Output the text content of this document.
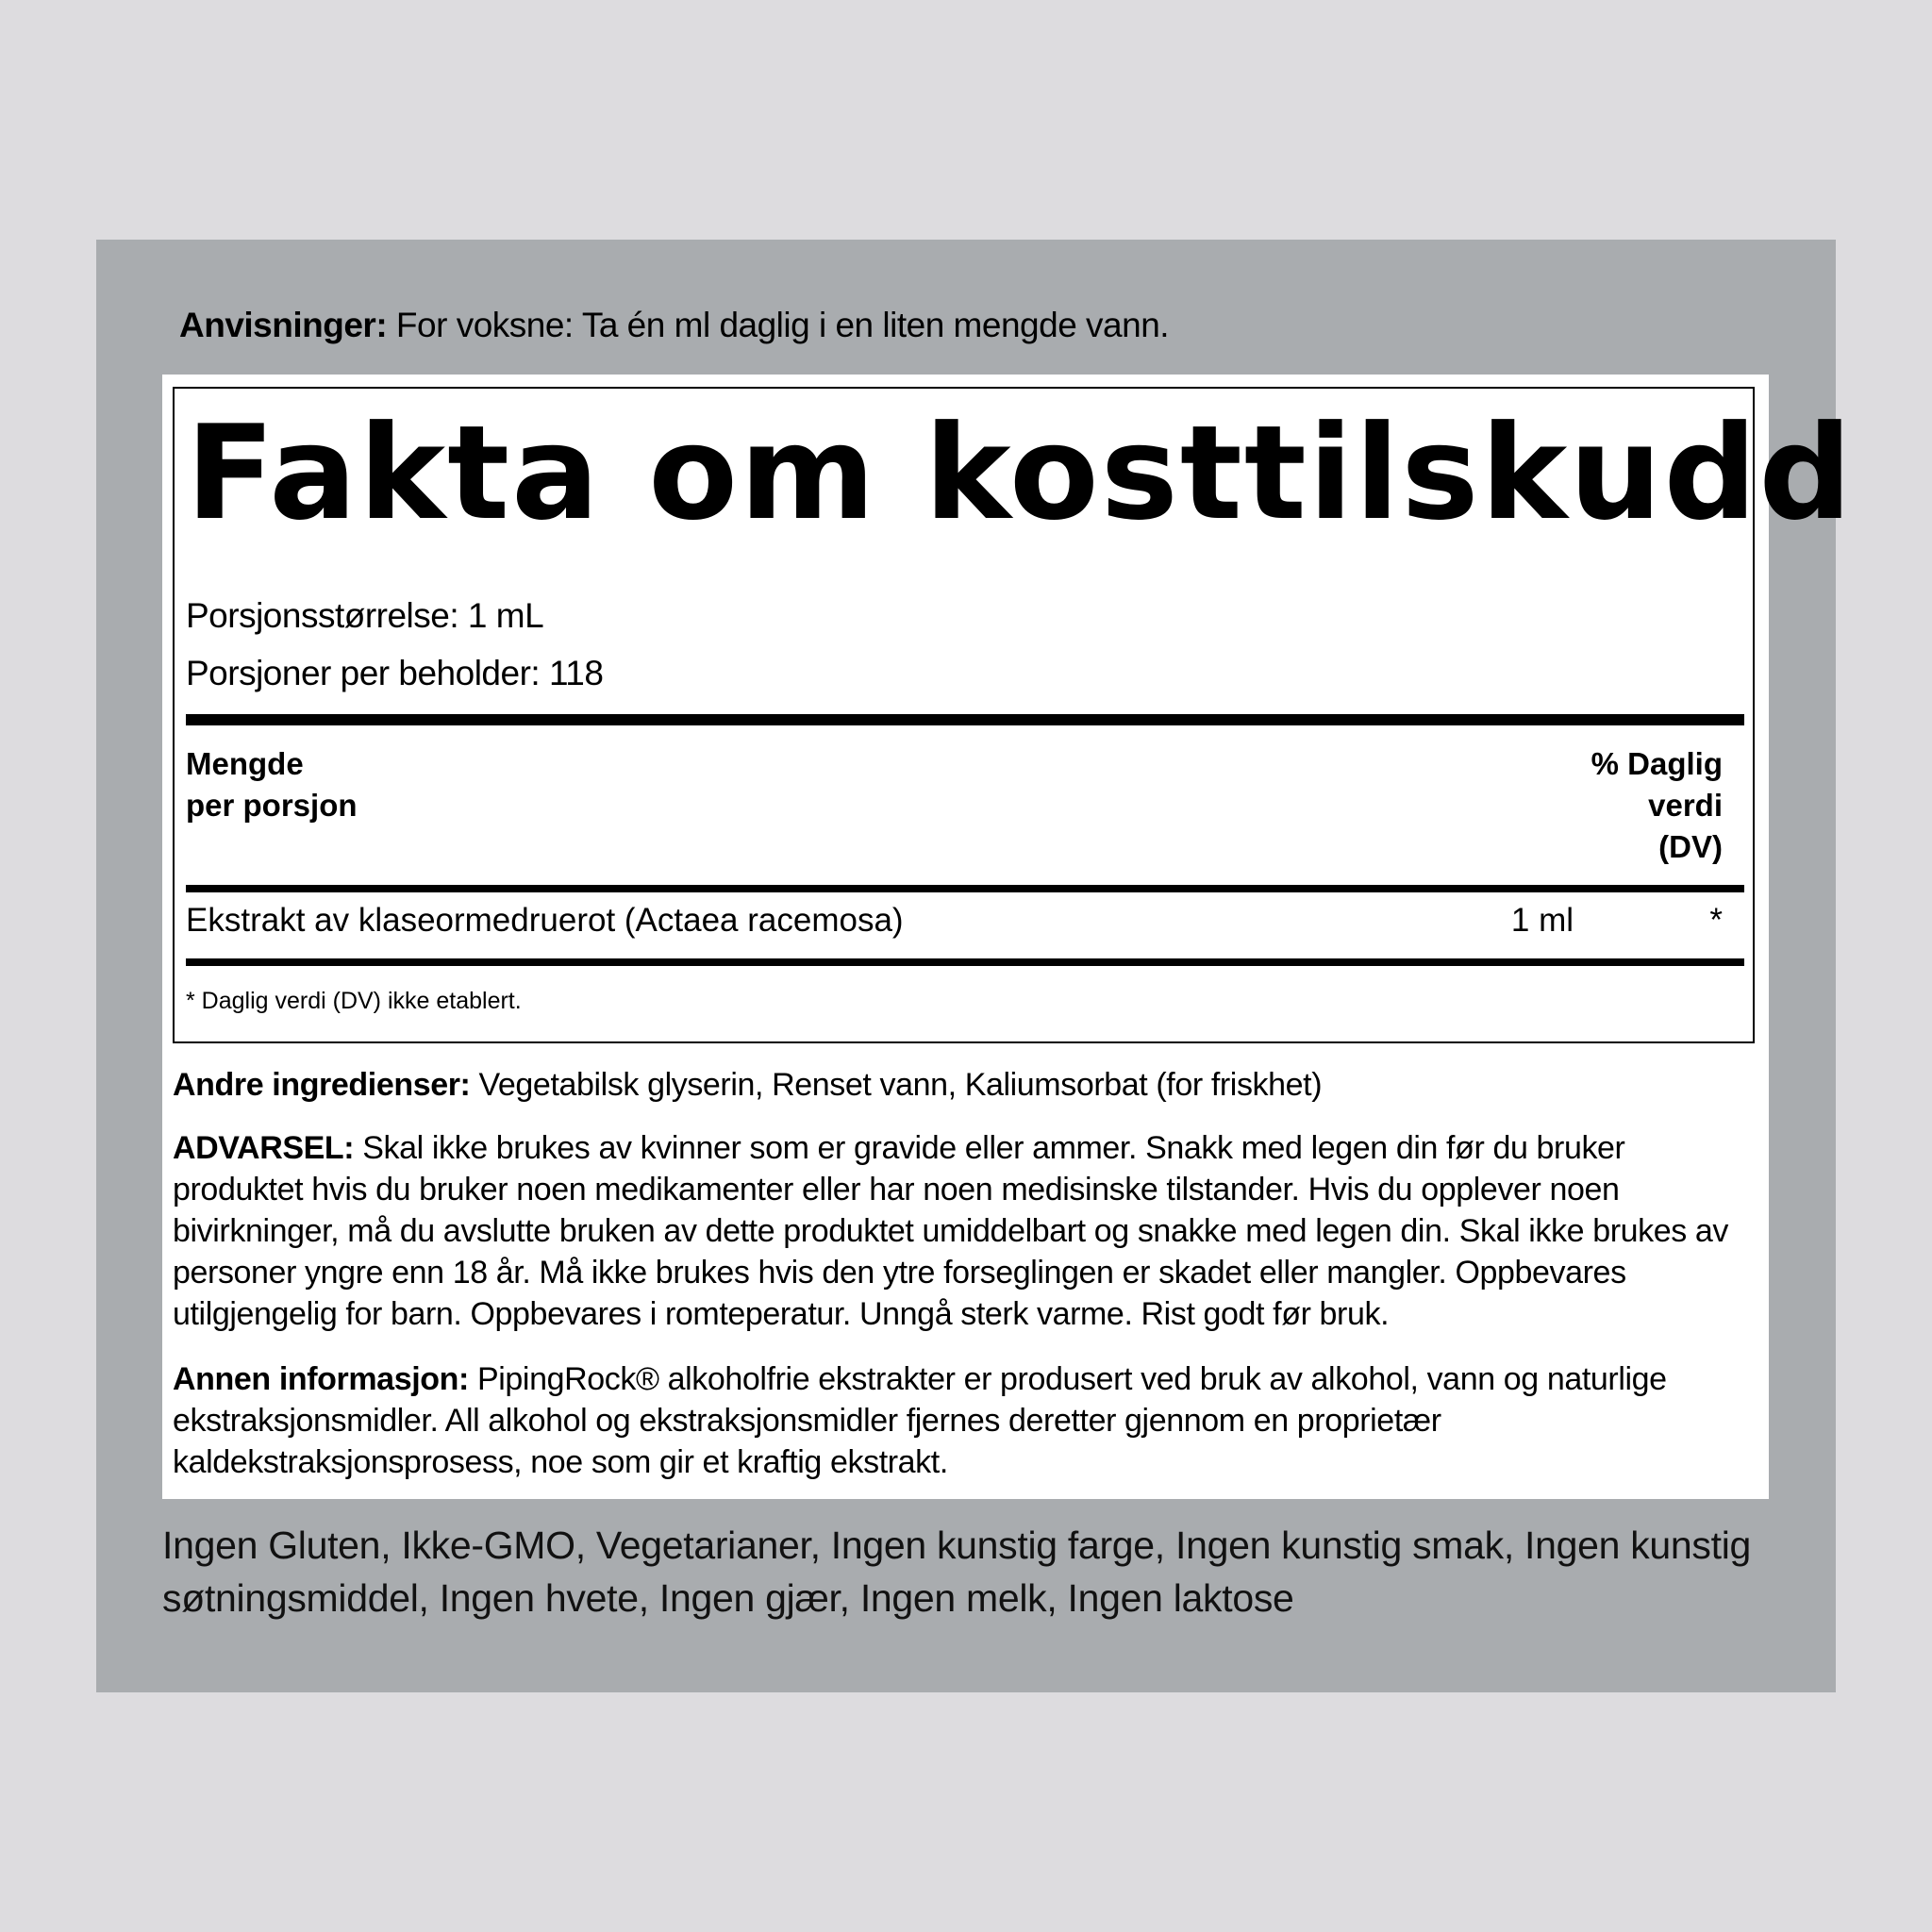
Anvisninger: For voksne: Ta én ml daglig i en liten mengde vann.
Fakta om kosttilskudd
Porsjonsstørrelse: 1 mL
Porsjoner per beholder: 118
Mengde
per porsjon
% Daglig
verdi
(DV)
Ekstrakt av klaseormedruerot (Actaea racemosa)	1 ml	*
* Daglig verdi (DV) ikke etablert.
Andre ingredienser: Vegetabilsk glyserin, Renset vann, Kaliumsorbat (for friskhet)
ADVARSEL: Skal ikke brukes av kvinner som er gravide eller ammer. Snakk med legen din før du bruker produktet hvis du bruker noen medikamenter eller har noen medisinske tilstander. Hvis du opplever noen bivirkninger, må du avslutte bruken av dette produktet umiddelbart og snakke med legen din. Skal ikke brukes av personer yngre enn 18 år. Må ikke brukes hvis den ytre forseglingen er skadet eller mangler. Oppbevares utilgjengelig for barn. Oppbevares i romteperatur. Unngå sterk varme. Rist godt før bruk.
Annen informasjon: PipingRock® alkoholfrie ekstrakter er produsert ved bruk av alkohol, vann og naturlige ekstraksjonsmidler. All alkohol og ekstraksjonsmidler fjernes deretter gjennom en proprietær kaldekstraksjonsprosess, noe som gir et kraftig ekstrakt.
Ingen Gluten, Ikke-GMO, Vegetarianer, Ingen kunstig farge, Ingen kunstig smak, Ingen kunstig søtningsmiddel, Ingen hvete, Ingen gjær, Ingen melk, Ingen laktose
